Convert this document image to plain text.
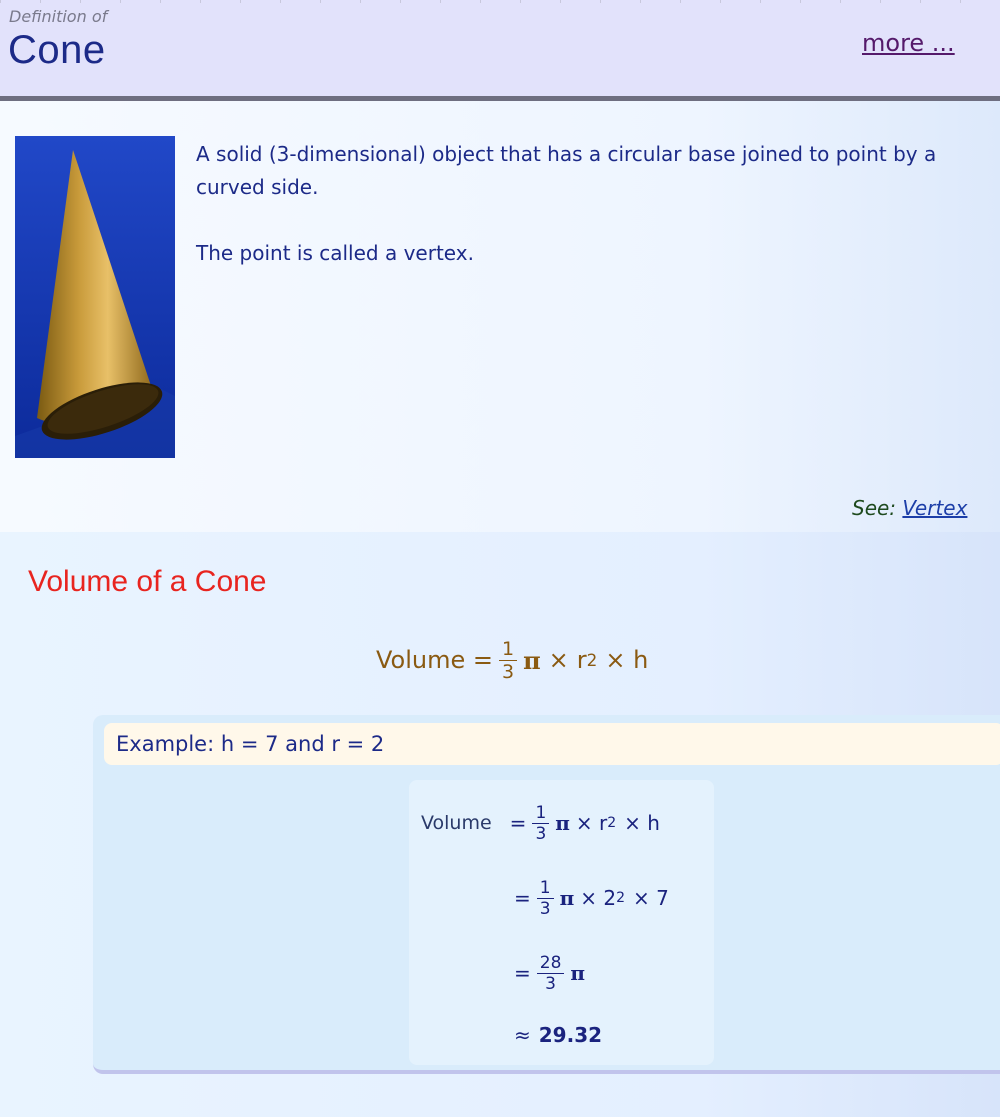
Definition of
Cone	more ...

A solid (3-dimensional) object that has a circular base joined to point by a curved side.

The point is called a vertex.

See: Vertex
Volume of a Cone
Volume = $\frac{1}{3}$ π × r 2 × h
Example: h = 7 and r = 2
Volume = $\frac{1}{3}$ π × r 2 × h
= $\frac{1}{3}$ π × 2 2 × 7
= $\frac{28}{3}$ π
≈ 29.32
